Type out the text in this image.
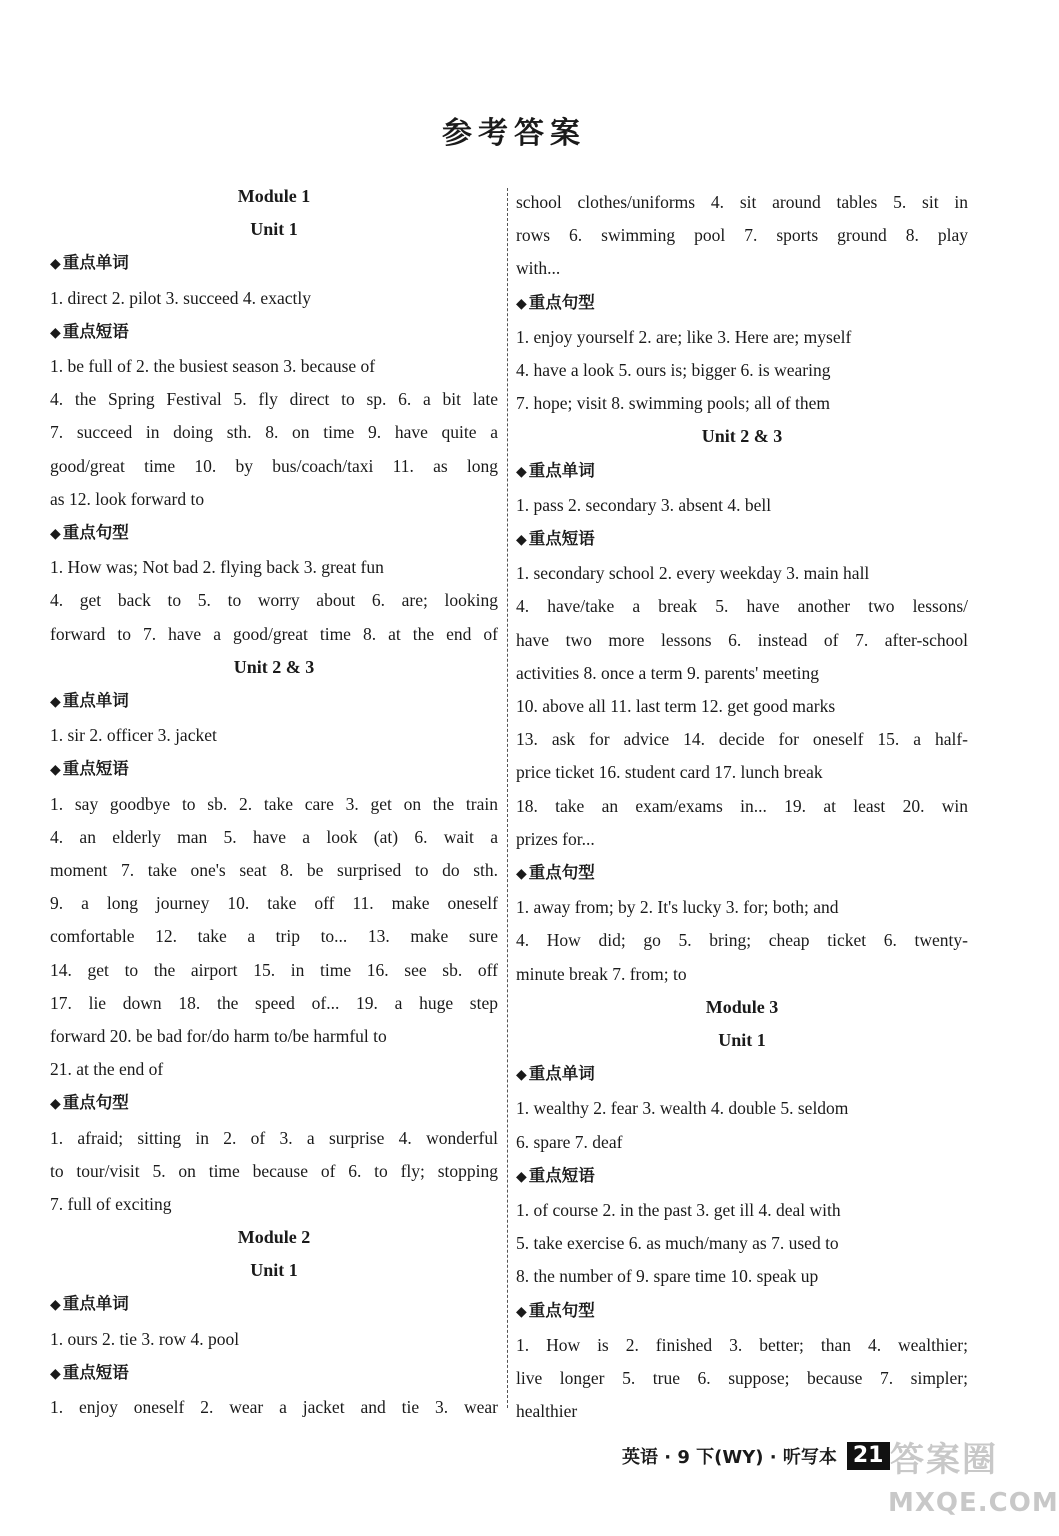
参考答案
Module 1
Unit 1
◆ 重点单词
1. direct 2. pilot 3. succeed 4. exactly
◆ 重点短语
1. be full of 2. the busiest season 3. because of
4. the Spring Festival 5. fly direct to sp. 6. a bit late
7. succeed in doing sth. 8. on time 9. have quite a
good/great time 10. by bus/coach/taxi 11. as long
as 12. look forward to
◆ 重点句型
1. How was; Not bad 2. flying back 3. great fun
4. get back to 5. to worry about 6. are; looking
forward to 7. have a good/great time 8. at the end of
Unit 2 & 3
◆ 重点单词
1. sir 2. officer 3. jacket
◆ 重点短语
1. say goodbye to sb. 2. take care 3. get on the train
4. an elderly man 5. have a look (at) 6. wait a
moment 7. take one's seat 8. be surprised to do sth.
9. a long journey 10. take off 11. make oneself
comfortable 12. take a trip to... 13. make sure
14. get to the airport 15. in time 16. see sb. off
17. lie down 18. the speed of... 19. a huge step
forward 20. be bad for/do harm to/be harmful to
21. at the end of
◆ 重点句型
1. afraid; sitting in 2. of 3. a surprise 4. wonderful
to tour/visit 5. on time because of 6. to fly; stopping
7. full of exciting
Module 2
Unit 1
◆ 重点单词
1. ours 2. tie 3. row 4. pool
◆ 重点短语
1. enjoy oneself 2. wear a jacket and tie 3. wear
school clothes/uniforms 4. sit around tables 5. sit in
rows 6. swimming pool 7. sports ground 8. play
with...
◆ 重点句型
1. enjoy yourself 2. are; like 3. Here are; myself
4. have a look 5. ours is; bigger 6. is wearing
7. hope; visit 8. swimming pools; all of them
Unit 2 & 3
◆ 重点单词
1. pass 2. secondary 3. absent 4. bell
◆ 重点短语
1. secondary school 2. every weekday 3. main hall
4. have/take a break 5. have another two lessons/
have two more lessons 6. instead of 7. after-school
activities 8. once a term 9. parents' meeting
10. above all 11. last term 12. get good marks
13. ask for advice 14. decide for oneself 15. a half-
price ticket 16. student card 17. lunch break
18. take an exam/exams in... 19. at least 20. win
prizes for...
◆ 重点句型
1. away from; by 2. It's lucky 3. for; both; and
4. How did; go 5. bring; cheap ticket 6. twenty-
minute break 7. from; to
Module 3
Unit 1
◆ 重点单词
1. wealthy 2. fear 3. wealth 4. double 5. seldom
6. spare 7. deaf
◆ 重点短语
1. of course 2. in the past 3. get ill 4. deal with
5. take exercise 6. as much/many as 7. used to
8. the number of 9. spare time 10. speak up
◆ 重点句型
1. How is 2. finished 3. better; than 4. wealthier;
live longer 5. true 6. suppose; because 7. simpler;
healthier
英语 · 9 下(WY) · 听写本 21 答案圈
MXQE.COM
